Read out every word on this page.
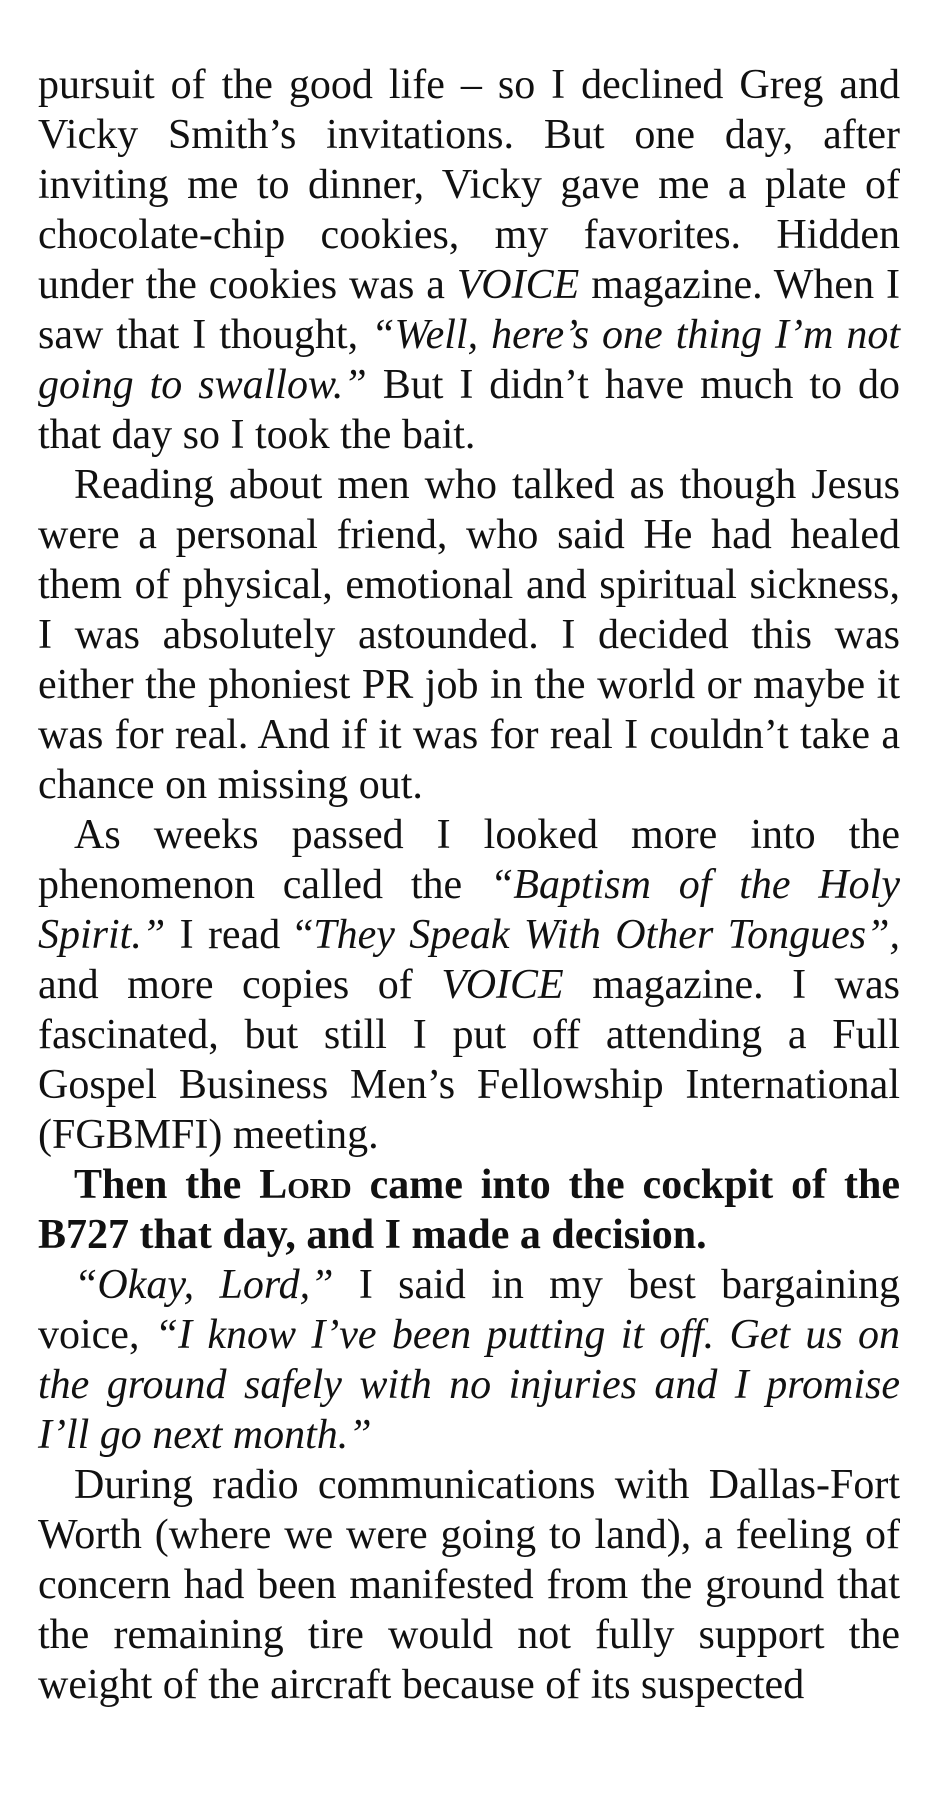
pursuit of the good life – so I declined Greg and Vicky Smith’s invitations. But one day, after inviting me to dinner, Vicky gave me a plate of chocolate-chip cookies, my favorites. Hidden under the cookies was a VOICE magazine. When I saw that I thought, “Well, here’s one thing I’m not going to swallow.” But I didn’t have much to do that day so I took the bait.

Reading about men who talked as though Jesus were a personal friend, who said He had healed them of physical, emotional and spiritual sickness, I was absolutely astounded. I decided this was either the phoniest PR job in the world or maybe it was for real. And if it was for real I couldn’t take a chance on missing out.

As weeks passed I looked more into the phenomenon called the “Baptism of the Holy Spirit.” I read “They Speak With Other Tongues”, and more copies of VOICE magazine. I was fascinated, but still I put off attending a Full Gospel Business Men’s Fellowship International (FGBMFI) meeting.

Then the Lord came into the cockpit of the B727 that day, and I made a decision.

“Okay, Lord,” I said in my best bargaining voice, “I know I’ve been putting it off. Get us on the ground safely with no injuries and I promise I’ll go next month.”

During radio communications with Dallas-Fort Worth (where we were going to land), a feeling of concern had been manifested from the ground that the remaining tire would not fully support the weight of the aircraft because of its suspected
